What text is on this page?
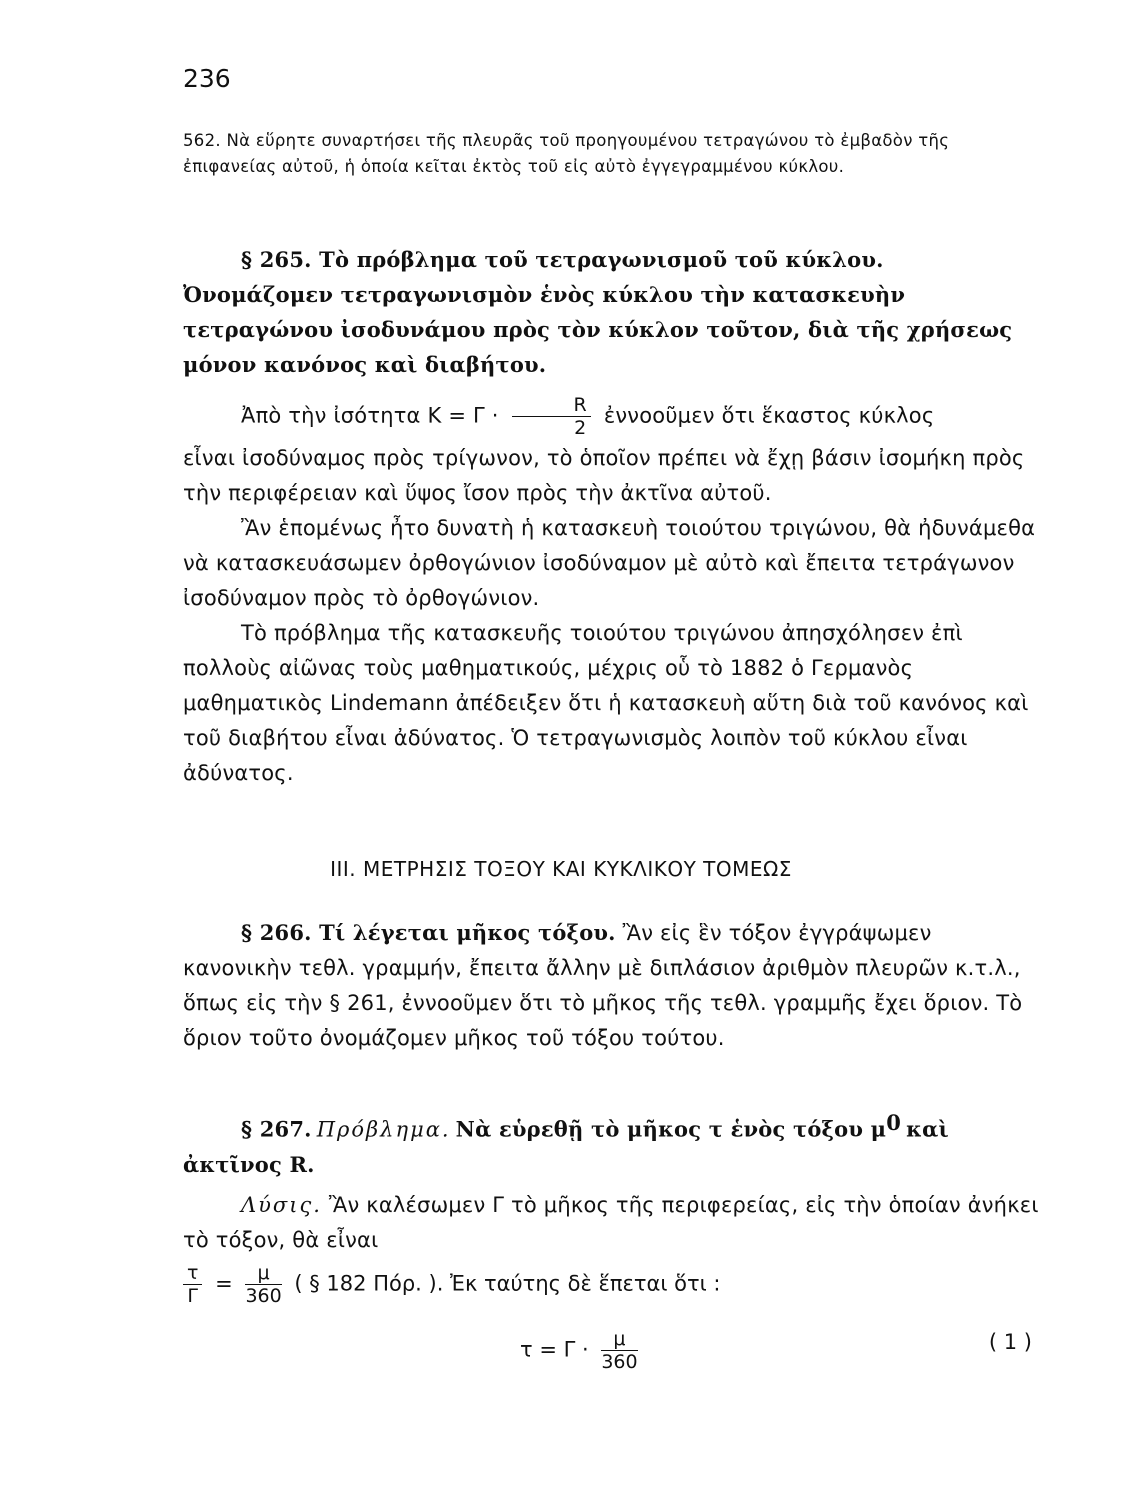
236
562. Νὰ εὕρητε συναρτήσει τῆς πλευρᾶς τοῦ προηγουμένου τετραγώνου τὸ ἐμβαδὸν τῆς ἐπιφανείας αὐτοῦ, ἡ ὁποία κεῖται ἐκτὸς τοῦ εἰς αὐτὸ ἐγγεγραμμένου κύκλου.
§ 265. Τὸ πρόβλημα τοῦ τετραγωνισμοῦ τοῦ κύκλου.
Ὀνομάζομεν τετραγωνισμὸν ἑνὸς κύκλου τὴν κατασκευὴν τετραγώνου ἰσοδυνάμου πρὸς τὸν κύκλον τοῦτον, διὰ τῆς χρήσεως μόνον κανόνος καὶ διαβήτου.
Ἀπὸ τὴν ἰσότητα $K = \Gamma \cdot \frac{R}{2}$ ἐννοοῦμεν ὅτι ἕκαστος κύκλος
εἶναι ἰσοδύναμος πρὸς τρίγωνον, τὸ ὁποῖον πρέπει νὰ ἔχῃ βάσιν ἰσομήκη πρὸς τὴν περιφέρειαν καὶ ὕψος ἴσον πρὸς τὴν ἀκτῖνα αὐτοῦ.
Ἂν ἑπομένως ἦτο δυνατὴ ἡ κατασκευὴ τοιούτου τριγώνου, θὰ ἠδυνάμεθα νὰ κατασκευάσωμεν ὀρθογώνιον ἰσοδύναμον μὲ αὐτὸ καὶ ἔπειτα τετράγωνον ἰσοδύναμον πρὸς τὸ ὀρθογώνιον.
Τὸ πρόβλημα τῆς κατασκευῆς τοιούτου τριγώνου ἀπησχόλησεν ἐπὶ πολλοὺς αἰῶνας τοὺς μαθηματικούς, μέχρις οὗ τὸ 1882 ὁ Γερμανὸς μαθηματικὸς Lindemann ἀπέδειξεν ὅτι ἡ κατασκευὴ αὕτη διὰ τοῦ κανόνος καὶ τοῦ διαβήτου εἶναι ἀδύνατος. Ὁ τετραγωνισμὸς λοιπὸν τοῦ κύκλου εἶναι ἀδύνατος.
III. ΜΕΤΡΗΣΙΣ ΤΟΞΟΥ ΚΑΙ ΚΥΚΛΙΚΟΥ ΤΟΜΕΩΣ
§ 266. Τί λέγεται μῆκος τόξου. Ἂν εἰς ἓν τόξον ἐγγράψωμεν κανονικὴν τεθλ. γραμμήν, ἔπειτα ἄλλην μὲ διπλάσιον ἀριθμὸν πλευρῶν κ.τ.λ., ὅπως εἰς τὴν § 261, ἐννοοῦμεν ὅτι τὸ μῆκος τῆς τεθλ. γραμμῆς ἔχει ὅριον. Τὸ ὅριον τοῦτο ὀνομάζομεν μῆκος τοῦ τόξου τούτου.
§ 267. Πρόβλημα. Νὰ εὑρεθῇ τὸ μῆκος τ ἑνὸς τόξου $\mu^0$ καὶ ἀκτῖνος R.
Λύσις. Ἂν καλέσωμεν Γ τὸ μῆκος τῆς περιφερείας, εἰς τὴν ὁποίαν ἀνήκει τὸ τόξον, θὰ εἶναι
$\frac{\tau}{\Gamma} = \frac{\mu}{360}$ ( § 182 Πόρ. ). Ἐκ ταύτης δὲ ἕπεται ὅτι :
$\tau = \Gamma \cdot \frac{\mu}{360}$	( 1 )
